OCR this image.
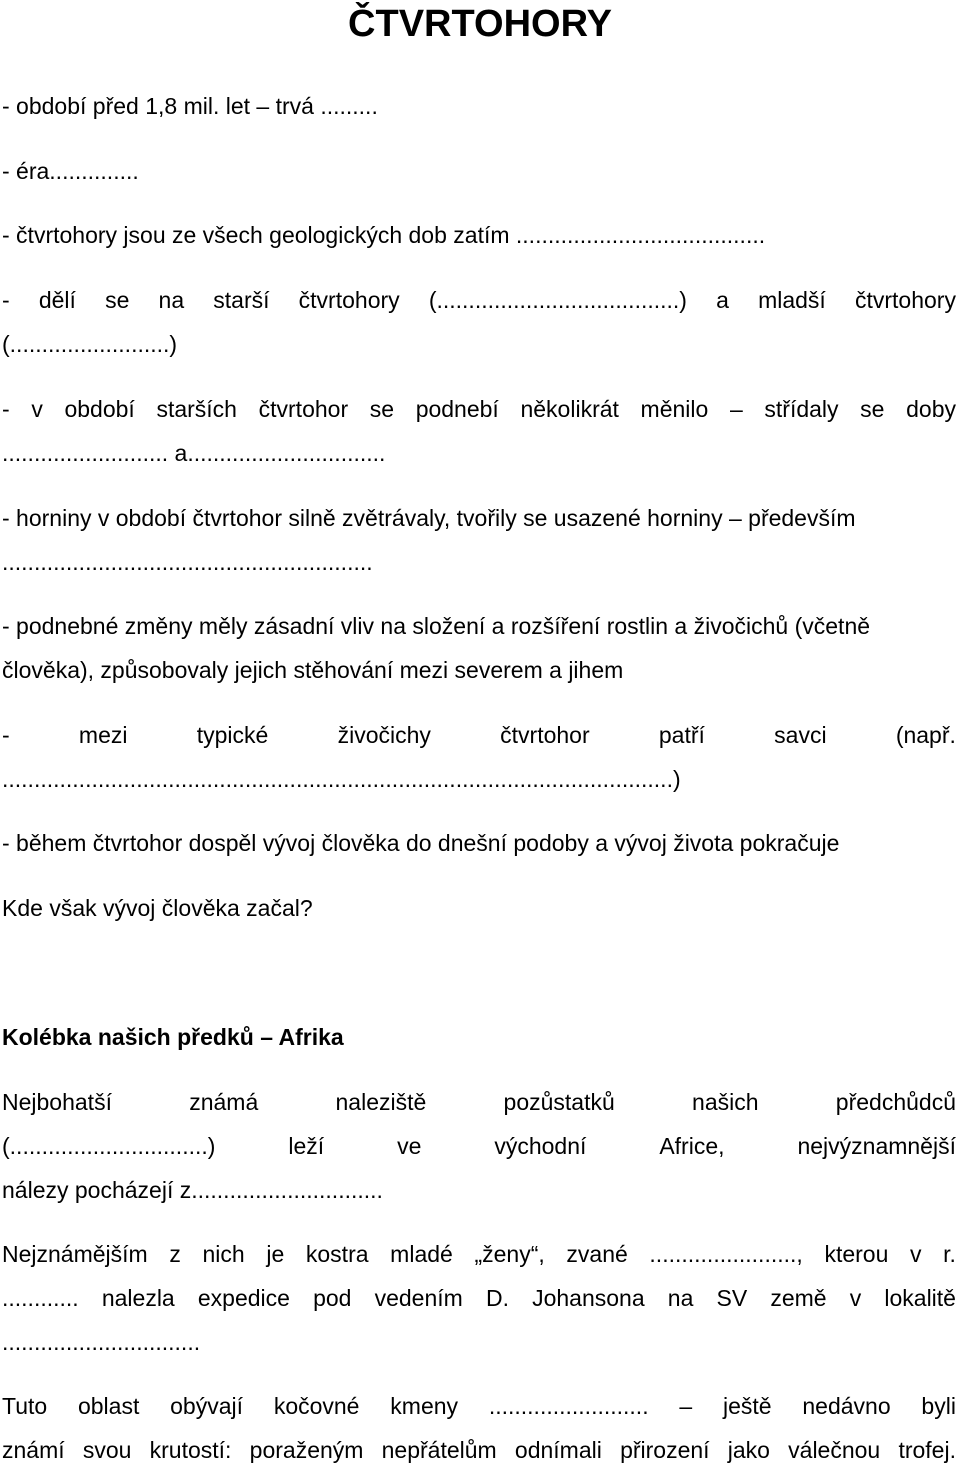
ČTVRTOHORY
- období před 1,8 mil. let – trvá .........
- éra..............
- čtvrtohory jsou ze všech geologických dob zatím .......................................
- dělí se na starší čtvrtohory (......................................) a mladší čtvrtohory
(.........................)
- v období starších čtvrtohor se podnebí několikrát měnilo – střídaly se doby
.......................... a...............................
- horniny v období čtvrtohor silně zvětrávaly, tvořily se usazené horniny – především
..........................................................
- podnebné změny měly zásadní vliv na složení a rozšíření rostlin a živočichů (včetně
člověka), způsobovaly jejich stěhování mezi severem a jihem
-	mezi	typické	živočichy	čtvrtohor	patří	savci	(např.
.........................................................................................................)
- během čtvrtohor dospěl vývoj člověka do dnešní podoby a vývoj života pokračuje
Kde však vývoj člověka začal?
Kolébka našich předků – Afrika
Nejbohatší	známá	naleziště	pozůstatků	našich	předchůdců
(...............................)	leží	ve	východní	Africe,	nejvýznamnější
nálezy pocházejí z..............................
Nejznámějším z nich je kostra mladé „ženy“, zvané ......................., kterou v r.
............ nalezla expedice pod vedením D. Johansona na SV země v lokalitě
...............................
Tuto oblast obývají kočovné kmeny ......................... – ještě nedávno byli
známí svou krutostí: poraženým nepřátelům odnímali přirození jako válečnou trofej.
